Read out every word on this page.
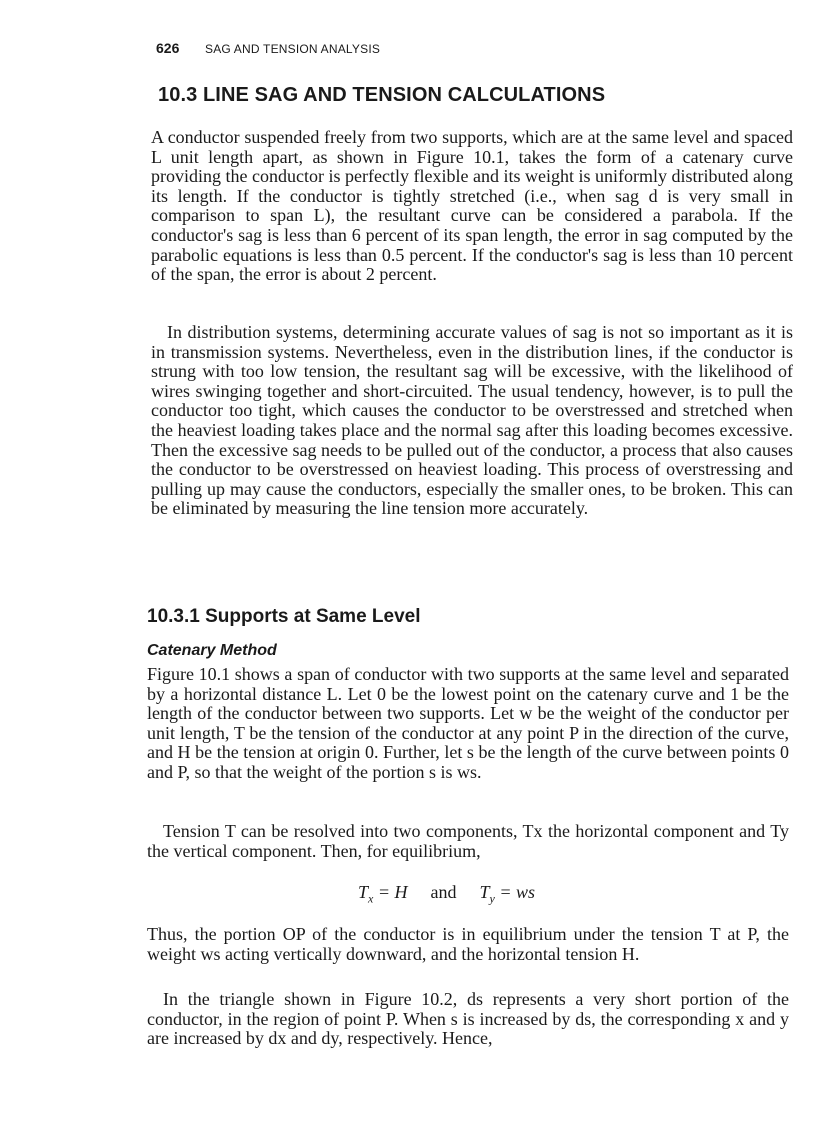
626 SAG AND TENSION ANALYSIS
10.3 LINE SAG AND TENSION CALCULATIONS

A conductor suspended freely from two supports, which are at the same level and spaced L unit length apart, as shown in Figure 10.1, takes the form of a catenary curve providing the conductor is perfectly flexible and its weight is uniformly distributed along its length. If the conductor is tightly stretched (i.e., when sag d is very small in comparison to span L), the resultant curve can be considered a parabola. If the conductor's sag is less than 6 percent of its span length, the error in sag computed by the parabolic equations is less than 0.5 percent. If the conductor's sag is less than 10 percent of the span, the error is about 2 percent.

In distribution systems, determining accurate values of sag is not so important as it is in transmission systems. Nevertheless, even in the distribution lines, if the conductor is strung with too low tension, the resultant sag will be excessive, with the likelihood of wires swinging together and short-circuited. The usual tendency, however, is to pull the conductor too tight, which causes the conductor to be overstressed and stretched when the heaviest loading takes place and the normal sag after this loading becomes excessive. Then the excessive sag needs to be pulled out of the conductor, a process that also causes the conductor to be overstressed on heaviest loading. This process of overstressing and pulling up may cause the conductors, especially the smaller ones, to be broken. This can be eliminated by measuring the line tension more accurately.

10.3.1 Supports at Same Level
Catenary Method

Figure 10.1 shows a span of conductor with two supports at the same level and separated by a horizontal distance L. Let 0 be the lowest point on the catenary curve and 1 be the length of the conductor between two supports. Let w be the weight of the conductor per unit length, T be the tension of the conductor at any point P in the direction of the curve, and H be the tension at origin 0. Further, let s be the length of the curve between points 0 and P, so that the weight of the portion s is ws.

Tension T can be resolved into two components, Tx the horizontal component and Ty the vertical component. Then, for equilibrium,

$T_x = H$ and $T_y$ = ws

Thus, the portion OP of the conductor is in equilibrium under the tension T at P, the weight ws acting vertically downward, and the horizontal tension H.

In the triangle shown in Figure 10.2, ds represents a very short portion of the conductor, in the region of point P. When s is increased by ds, the corresponding x and y are increased by dx and dy, respectively. Hence,
